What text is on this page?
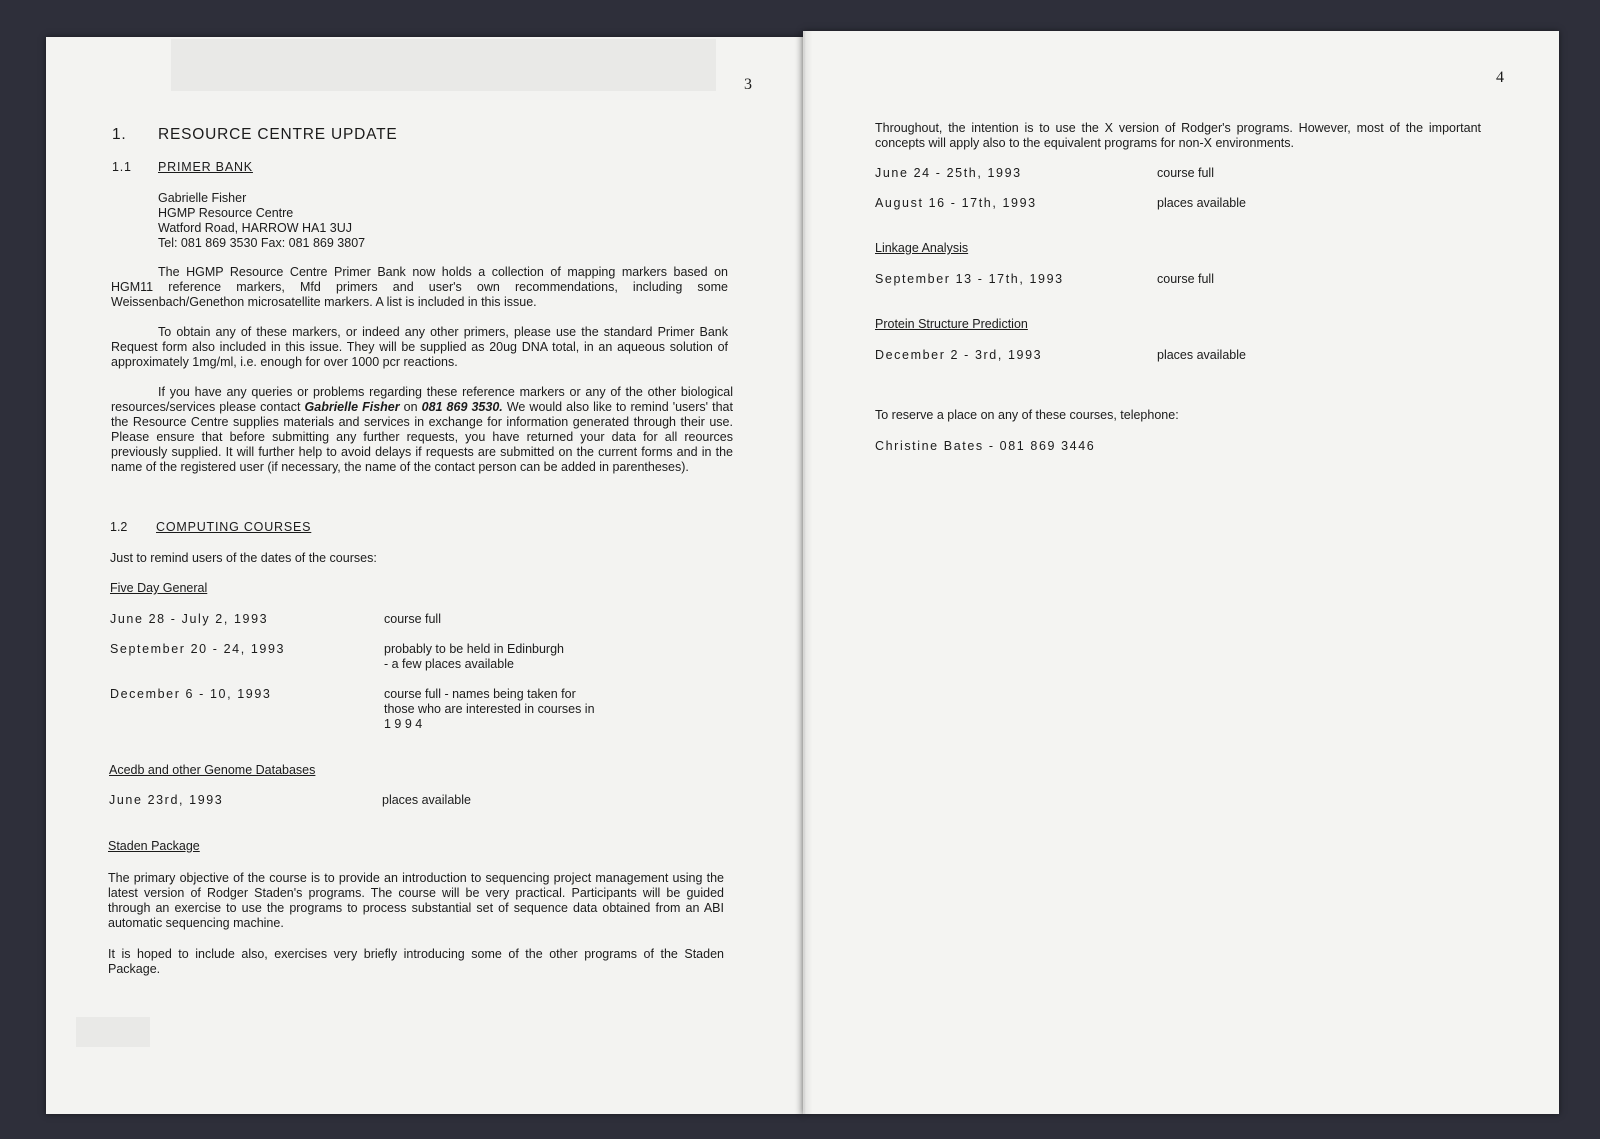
3
1. RESOURCE CENTRE UPDATE
1.1 PRIMER BANK
Gabrielle Fisher
HGMP Resource Centre
Watford Road, HARROW HA1 3UJ
Tel: 081 869 3530 Fax: 081 869 3807

The HGMP Resource Centre Primer Bank now holds a collection of mapping markers based on HGM11 reference markers, Mfd primers and user's own recommendations, including some Weissenbach/Genethon microsatellite markers. A list is included in this issue.

To obtain any of these markers, or indeed any other primers, please use the standard Primer Bank Request form also included in this issue. They will be supplied as 20ug DNA total, in an aqueous solution of approximately 1mg/ml, i.e. enough for over 1000 pcr reactions.

If you have any queries or problems regarding these reference markers or any of the other biological resources/services please contact Gabrielle Fisher on 081 869 3530. We would also like to remind 'users' that the Resource Centre supplies materials and services in exchange for information generated through their use. Please ensure that before submitting any further requests, you have returned your data for all reources previously supplied. It will further help to avoid delays if requests are submitted on the current forms and in the name of the registered user (if necessary, the name of the contact person can be added in parentheses).

1.2 COMPUTING COURSES
Just to remind users of the dates of the courses:
Five Day General
June 28 - July 2, 1993	course full
September 20 - 24, 1993	probably to be held in Edinburgh
- a few places available
December 6 - 10, 1993	course full - names being taken for
those who are interested in courses in
1 9 9 4
Acedb and other Genome Databases
June 23rd, 1993	places available
Staden Package

The primary objective of the course is to provide an introduction to sequencing project management using the latest version of Rodger Staden's programs. The course will be very practical. Participants will be guided through an exercise to use the programs to process substantial set of sequence data obtained from an ABI automatic sequencing machine.

It is hoped to include also, exercises very briefly introducing some of the other programs of the Staden Package.

4

Throughout, the intention is to use the X version of Rodger's programs. However, most of the important concepts will apply also to the equivalent programs for non-X environments.

June 24 - 25th, 1993	course full
August 16 - 17th, 1993	places available
Linkage Analysis
September 13 - 17th, 1993	course full
Protein Structure Prediction
December 2 - 3rd, 1993	places available
To reserve a place on any of these courses, telephone:
Christine Bates - 081 869 3446
